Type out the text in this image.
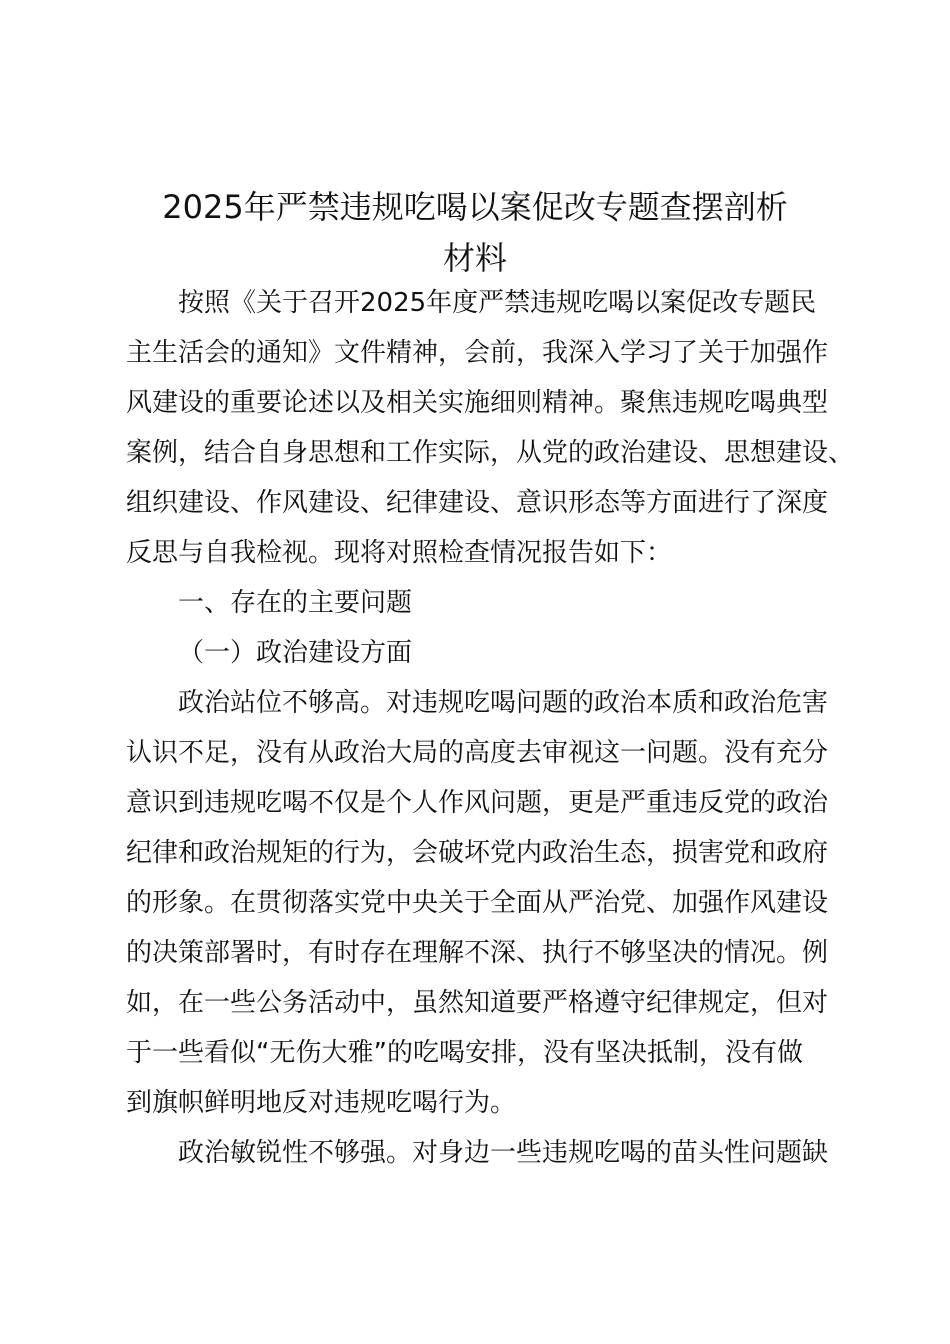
2025年严禁违规吃喝以案促改专题查摆剖析
材料

按照《关于召开2025年度严禁违规吃喝以案促改专题民

主生活会的通知》文件精神，会前，我深入学习了关于加强作

风建设的重要论述以及相关实施细则精神。聚焦违规吃喝典型

案例，结合自身思想和工作实际，从党的政治建设、思想建设、

组织建设、作风建设、纪律建设、意识形态等方面进行了深度

反思与自我检视。现将对照检查情况报告如下：

一、存在的主要问题

（一）政治建设方面

政治站位不够高。对违规吃喝问题的政治本质和政治危害

认识不足，没有从政治大局的高度去审视这一问题。没有充分

意识到违规吃喝不仅是个人作风问题，更是严重违反党的政治

纪律和政治规矩的行为，会破坏党内政治生态，损害党和政府

的形象。在贯彻落实党中央关于全面从严治党、加强作风建设

的决策部署时，有时存在理解不深、执行不够坚决的情况。例

如，在一些公务活动中，虽然知道要严格遵守纪律规定，但对

于一些看似“无伤大雅”的吃喝安排，没有坚决抵制，没有做

到旗帜鲜明地反对违规吃喝行为。

政治敏锐性不够强。对身边一些违规吃喝的苗头性问题缺
